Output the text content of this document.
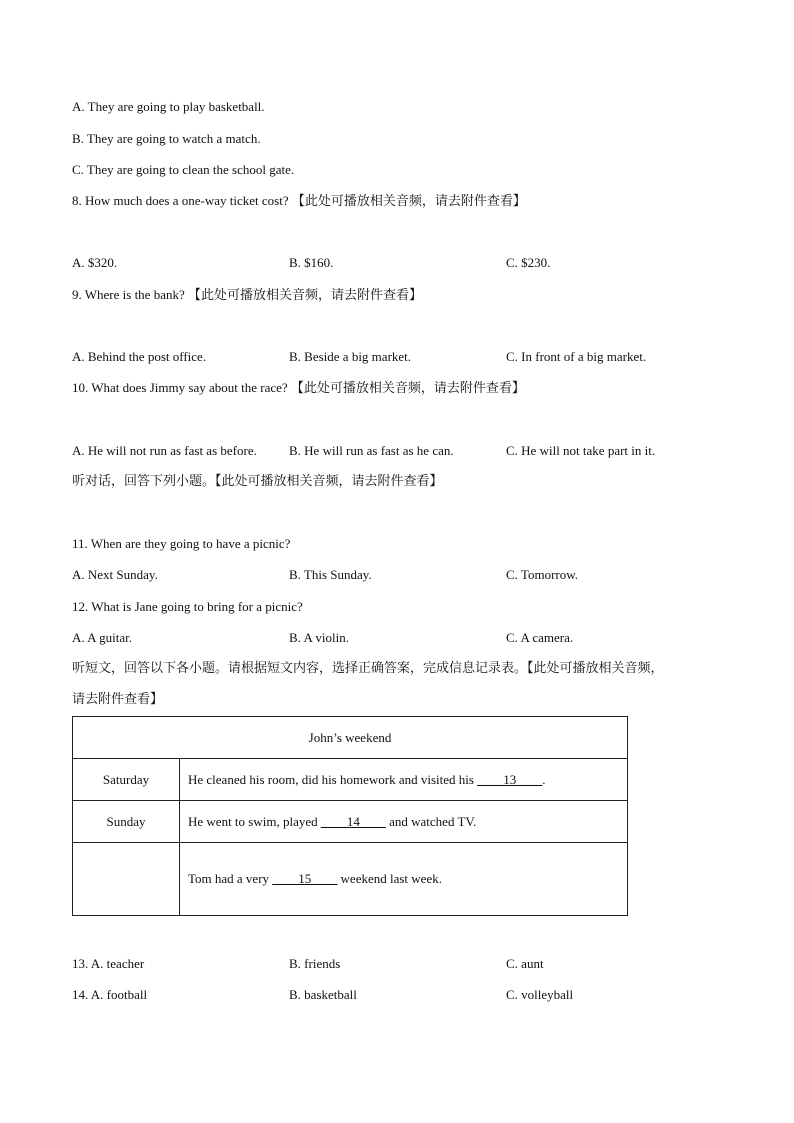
A. They are going to play basketball.
B. They are going to watch a match.
C. They are going to clean the school gate.
8. How much does a one-way ticket cost? 【此处可播放相关音频，请去附件查看】
A. $320.	B. $160.	C. $230.
9. Where is the bank? 【此处可播放相关音频，请去附件查看】
A. Behind the post office.	B. Beside a big market.	C. In front of a big market.
10. What does Jimmy say about the race? 【此处可播放相关音频，请去附件查看】
A. He will not run as fast as before. B. He will run as fast as he can.	C. He will not take part in it.
听对话，回答下列小题。【此处可播放相关音频，请去附件查看】
11. When are they going to have a picnic?
A. Next Sunday.	B. This Sunday.	C. Tomorrow.
12. What is Jane going to bring for a picnic?
A. A guitar.	B. A violin.	C. A camera.
听短文，回答以下各小题。请根据短文内容，选择正确答案，完成信息记录表。【此处可播放相关音频，
请去附件查看】
John’s weekend	
Saturday	He cleaned his room, did his homework and visited his ____13____.
Sunday	He went to swim, played ____14____ and watched TV.
	Tom had a very ____15____ weekend last week.
13. A. teacher	B. friends	C. aunt
14. A. football	B. basketball	C. volleyball
